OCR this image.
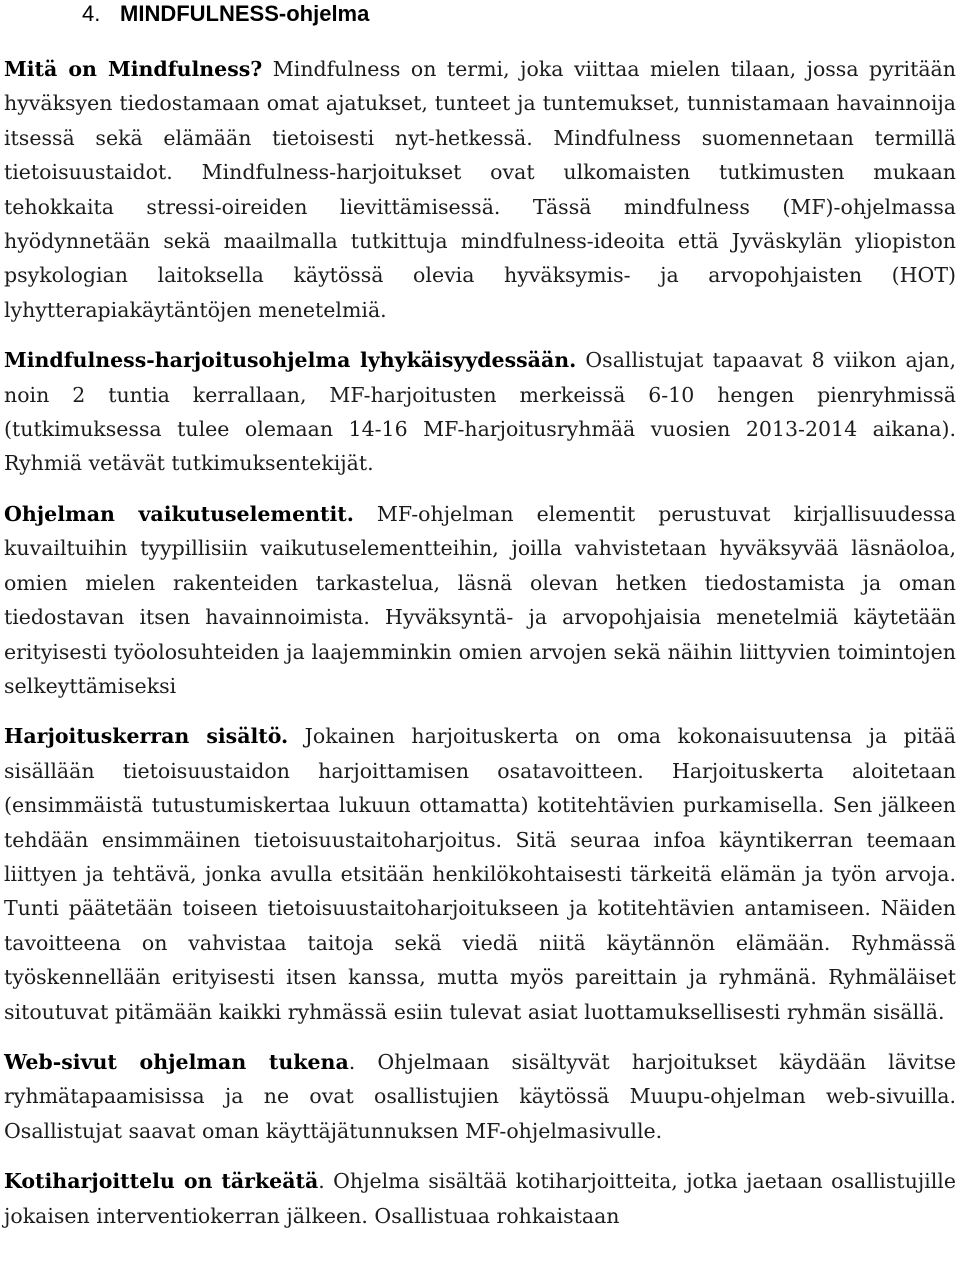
4. MINDFULNESS-ohjelma

Mitä on Mindfulness? Mindfulness on termi, joka viittaa mielen tilaan, jossa pyritään hyväksyen tiedostamaan omat ajatukset, tunteet ja tuntemukset, tunnistamaan havainnoija itsessä sekä elämään tietoisesti nyt-hetkessä. Mindfulness suomennetaan termillä tietoisuustaidot. Mindfulness-harjoitukset ovat ulkomaisten tutkimusten mukaan tehokkaita stressi-oireiden lievittämisessä. Tässä mindfulness (MF)-ohjelmassa hyödynnetään sekä maailmalla tutkittuja mindfulness-ideoita että Jyväskylän yliopiston psykologian laitoksella käytössä olevia hyväksymis- ja arvopohjaisten (HOT) lyhytterapiakäytäntöjen menetelmiä.

Mindfulness-harjoitusohjelma lyhykäisyydessään. Osallistujat tapaavat 8 viikon ajan, noin 2 tuntia kerrallaan, MF-harjoitusten merkeissä 6-10 hengen pienryhmissä (tutkimuksessa tulee olemaan 14-16 MF-harjoitusryhmää vuosien 2013-2014 aikana). Ryhmiä vetävät tutkimuksentekijät.

Ohjelman vaikutuselementit. MF-ohjelman elementit perustuvat kirjallisuudessa kuvailtuihin tyypillisiin vaikutuselementteihin, joilla vahvistetaan hyväksyvää läsnäoloa, omien mielen rakenteiden tarkastelua, läsnä olevan hetken tiedostamista ja oman tiedostavan itsen havainnoimista. Hyväksyntä- ja arvopohjaisia menetelmiä käytetään erityisesti työolosuhteiden ja laajemminkin omien arvojen sekä näihin liittyvien toimintojen selkeyttämiseksi

Harjoituskerran sisältö. Jokainen harjoituskerta on oma kokonaisuutensa ja pitää sisällään tietoisuustaidon harjoittamisen osatavoitteen. Harjoituskerta aloitetaan (ensimmäistä tutustumiskertaa lukuun ottamatta) kotitehtävien purkamisella. Sen jälkeen tehdään ensimmäinen tietoisuustaitoharjoitus. Sitä seuraa infoa käyntikerran teemaan liittyen ja tehtävä, jonka avulla etsitään henkilökohtaisesti tärkeitä elämän ja työn arvoja. Tunti päätetään toiseen tietoisuustaitoharjoitukseen ja kotitehtävien antamiseen. Näiden tavoitteena on vahvistaa taitoja sekä viedä niitä käytännön elämään. Ryhmässä työskennellään erityisesti itsen kanssa, mutta myös pareittain ja ryhmänä. Ryhmäläiset sitoutuvat pitämään kaikki ryhmässä esiin tulevat asiat luottamuksellisesti ryhmän sisällä.

Web-sivut ohjelman tukena. Ohjelmaan sisältyvät harjoitukset käydään lävitse ryhmätapaamisissa ja ne ovat osallistujien käytössä Muupu-ohjelman web-sivuilla. Osallistujat saavat oman käyttäjätunnuksen MF-ohjelmasivulle.

Kotiharjoittelu on tärkeätä. Ohjelma sisältää kotiharjoitteita, jotka jaetaan osallistujille jokaisen interventiokerran jälkeen. Osallistuaa rohkaistaan
